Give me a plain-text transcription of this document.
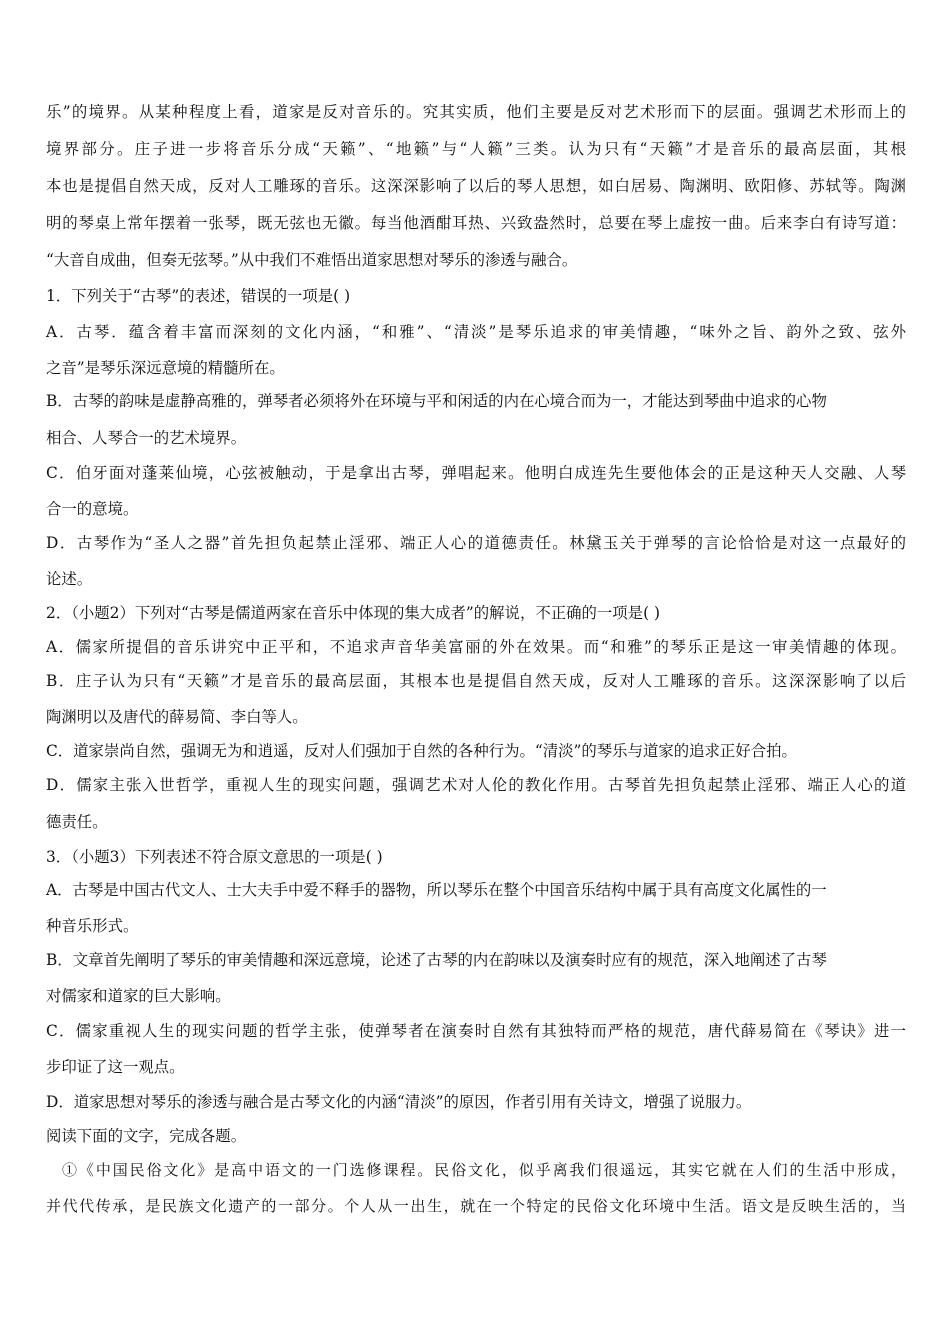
乐”的境界。从某种程度上看，道家是反对音乐的。究其实质，他们主要是反对艺术形而下的层面。强调艺术形而上的
境界部分。庄子进一步将音乐分成“天籁”、“地籁”与“人籁”三类。认为只有“天籁”才是音乐的最高层面，其根
本也是提倡自然天成，反对人工雕琢的音乐。这深深影响了以后的琴人思想，如白居易、陶渊明、欧阳修、苏轼等。陶渊
明的琴桌上常年摆着一张琴，既无弦也无徽。每当他酒酣耳热、兴致盎然时，总要在琴上虚按一曲。后来李白有诗写道：
“大音自成曲，但奏无弦琴。”从中我们不难悟出道家思想对琴乐的渗透与融合。
1．下列关于“古琴”的表述，错误的一项是( )
A．古琴．蕴含着丰富而深刻的文化内涵，“和雅”、“清淡”是琴乐追求的审美情趣，“味外之旨、韵外之致、弦外
之音”是琴乐深远意境的精髓所在。
B．古琴的韵味是虚静高雅的，弹琴者必须将外在环境与平和闲适的内在心境合而为一，才能达到琴曲中追求的心物
相合、人琴合一的艺术境界。
C．伯牙面对蓬莱仙境，心弦被触动，于是拿出古琴，弹唱起来。他明白成连先生要他体会的正是这种天人交融、人琴
合一的意境。
D．古琴作为“圣人之器”首先担负起禁止淫邪、端正人心的道德责任。林黛玉关于弹琴的言论恰恰是对这一点最好的
论述。
2．（小题2）下列对“古琴是儒道两家在音乐中体现的集大成者”的解说，不正确的一项是( )
A．儒家所提倡的音乐讲究中正平和，不追求声音华美富丽的外在效果。而“和雅”的琴乐正是这一审美情趣的体现。
B．庄子认为只有“天籁”才是音乐的最高层面，其根本也是提倡自然天成，反对人工雕琢的音乐。这深深影响了以后
陶渊明以及唐代的薛易简、李白等人。
C．道家崇尚自然，强调无为和逍遥，反对人们强加于自然的各种行为。“清淡”的琴乐与道家的追求正好合拍。
D．儒家主张入世哲学，重视人生的现实问题，强调艺术对人伦的教化作用。古琴首先担负起禁止淫邪、端正人心的道
德责任。
3．（小题3）下列表述不符合原文意思的一项是( )
A．古琴是中国古代文人、士大夫手中爱不释手的器物，所以琴乐在整个中国音乐结构中属于具有高度文化属性的一
种音乐形式。
B．文章首先阐明了琴乐的审美情趣和深远意境，论述了古琴的内在韵味以及演奏时应有的规范，深入地阐述了古琴
对儒家和道家的巨大影响。
C．儒家重视人生的现实问题的哲学主张，使弹琴者在演奏时自然有其独特而严格的规范，唐代薛易简在《琴诀》进一
步印证了这一观点。
D．道家思想对琴乐的渗透与融合是古琴文化的内涵“清淡”的原因，作者引用有关诗文，增强了说服力。
阅读下面的文字，完成各题。
①《中国民俗文化》是高中语文的一门选修课程。民俗文化，似乎离我们很遥远，其实它就在人们的生活中形成，
并代代传承，是民族文化遗产的一部分。个人从一出生，就在一个特定的民俗文化环境中生活。语文是反映生活的，当
